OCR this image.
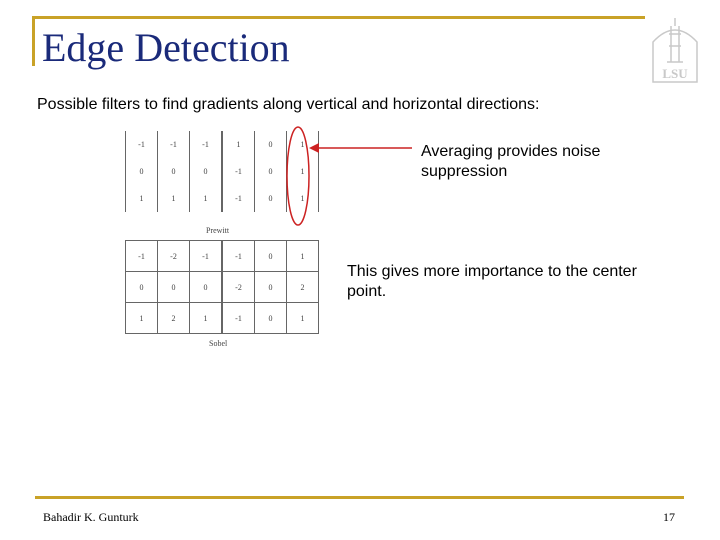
Edge Detection
LSU
Possible filters to find gradients along vertical and horizontal directions:
-1	-1	-1	1	0	1
0	0	0	-1	0	1
1	1	1	-1	0	1
Prewitt
-1	-2	-1	-1	0	1
0	0	0	-2	0	2
1	2	1	-1	0	1
Sobel
Averaging provides noise suppression
This gives more importance to the center point.
Bahadir K. Gunturk	17
